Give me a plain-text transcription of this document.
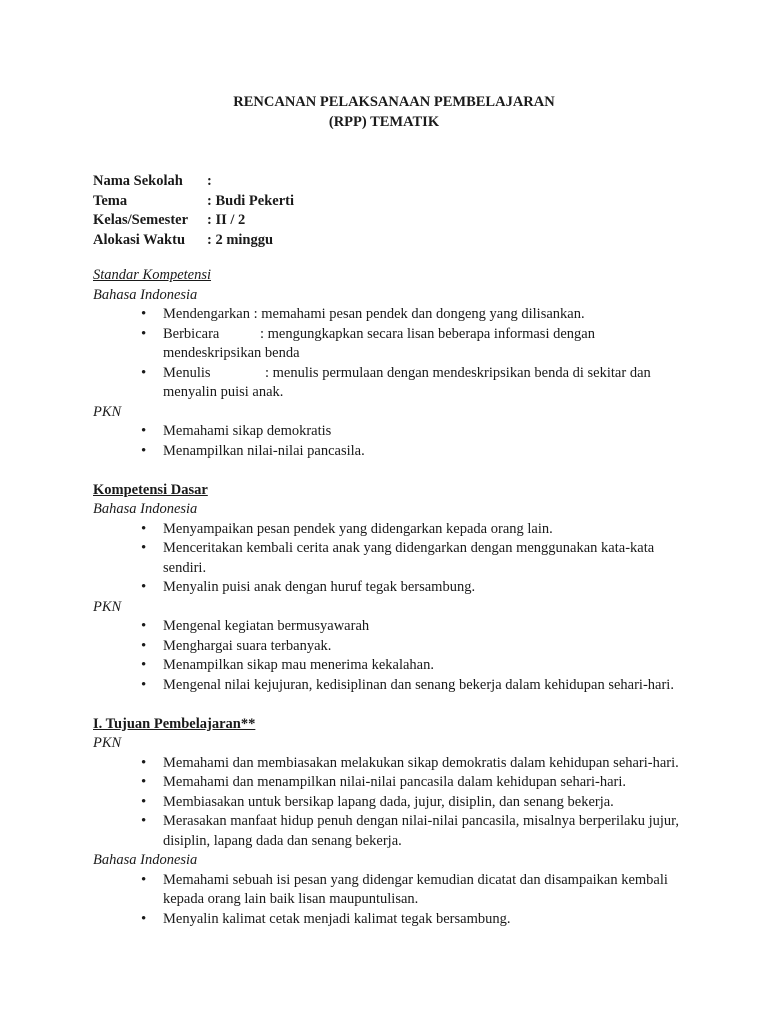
RENCANAN PELAKSANAAN PEMBELAJARAN
(RPP) TEMATIK
Nama Sekolah :
Tema	: Budi Pekerti
Kelas/Semester : II / 2
Alokasi Waktu : 2 minggu
Standar Kompetensi
Bahasa Indonesia
• Mendengarkan : memahami pesan pendek dan dongeng yang dilisankan.
• Berbicara	: mengungkapkan secara lisan beberapa informasi dengan mendeskripsikan benda
• Menulis	: menulis permulaan dengan mendeskripsikan benda di sekitar dan menyalin puisi anak.
PKN
• Memahami sikap demokratis
• Menampilkan nilai-nilai pancasila.
Kompetensi Dasar
Bahasa Indonesia
• Menyampaikan pesan pendek yang didengarkan kepada orang lain.
• Menceritakan kembali cerita anak yang didengarkan dengan menggunakan kata-kata sendiri.
• Menyalin puisi anak dengan huruf tegak bersambung.
PKN
• Mengenal kegiatan bermusyawarah
• Menghargai suara terbanyak.
• Menampilkan sikap mau menerima kekalahan.
• Mengenal nilai kejujuran, kedisiplinan dan senang bekerja dalam kehidupan sehari-hari.
I. Tujuan Pembelajaran**
PKN
• Memahami dan membiasakan melakukan sikap demokratis dalam kehidupan sehari-hari.
• Memahami dan menampilkan nilai-nilai pancasila dalam kehidupan sehari-hari.
• Membiasakan untuk bersikap lapang dada, jujur, disiplin, dan senang bekerja.
• Merasakan manfaat hidup penuh dengan nilai-nilai pancasila, misalnya berperilaku jujur, disiplin, lapang dada dan senang bekerja.
Bahasa Indonesia
• Memahami sebuah isi pesan yang didengar kemudian dicatat dan disampaikan kembali kepada orang lain baik lisan maupuntulisan.
• Menyalin kalimat cetak menjadi kalimat tegak bersambung.
